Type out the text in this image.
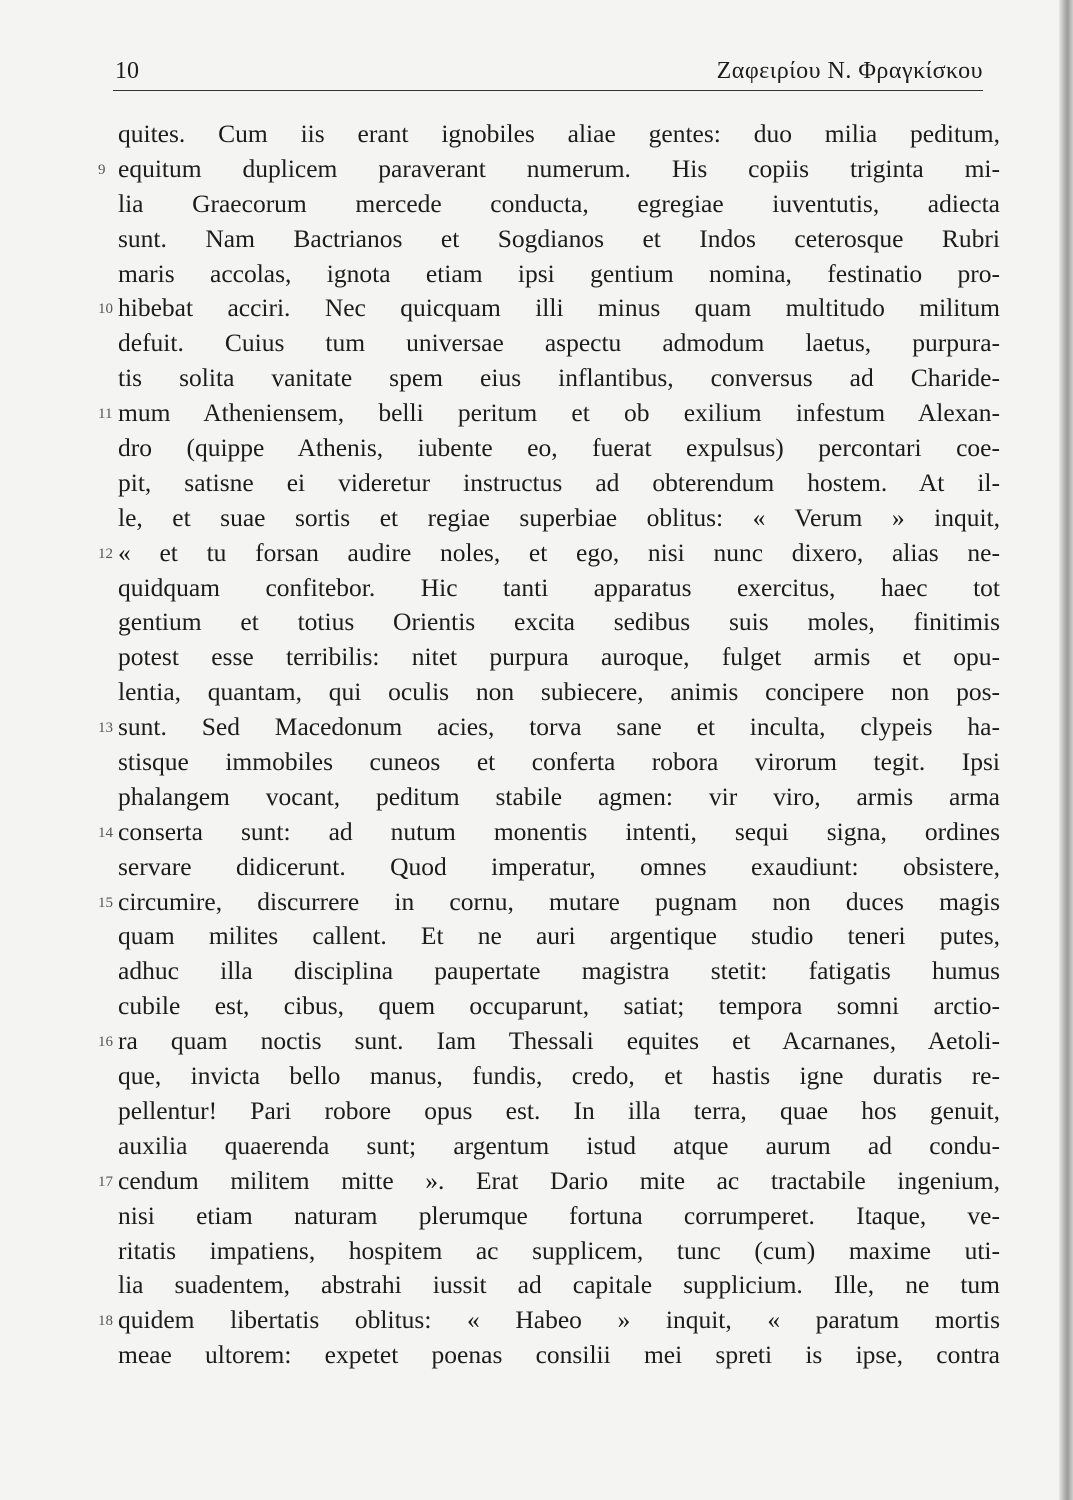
10	Ζαφειρίου Ν. Φραγκίσκου
quites. Cum iis erant ignobiles aliae gentes: duo milia peditum,
9 equitum duplicem paraverant numerum. His copiis triginta mi-
lia Graecorum mercede conducta, egregiae iuventutis, adiecta
sunt. Nam Bactrianos et Sogdianos et Indos ceterosque Rubri
maris accolas, ignota etiam ipsi gentium nomina, festinatio pro-
10 hibebat acciri. Nec quicquam illi minus quam multitudo militum
defuit. Cuius tum universae aspectu admodum laetus, purpura-
tis solita vanitate spem eius inflantibus, conversus ad Charide-
11 mum Atheniensem, belli peritum et ob exilium infestum Alexan-
dro (quippe Athenis, iubente eo, fuerat expulsus) percontari coe-
pit, satisne ei videretur instructus ad obterendum hostem. At il-
le, et suae sortis et regiae superbiae oblitus: « Verum » inquit,
12 « et tu forsan audire noles, et ego, nisi nunc dixero, alias ne-
quidquam confitebor. Hic tanti apparatus exercitus, haec tot
gentium et totius Orientis excita sedibus suis moles, finitimis
potest esse terribilis: nitet purpura auroque, fulget armis et opu-
lentia, quantam, qui oculis non subiecere, animis concipere non pos-
13 sunt. Sed Macedonum acies, torva sane et inculta, clypeis ha-
stisque immobiles cuneos et conferta robora virorum tegit. Ipsi
phalangem vocant, peditum stabile agmen: vir viro, armis arma
14 conserta sunt: ad nutum monentis intenti, sequi signa, ordines
servare didicerunt. Quod imperatur, omnes exaudiunt: obsistere,
15 circumire, discurrere in cornu, mutare pugnam non duces magis
quam milites callent. Et ne auri argentique studio teneri putes,
adhuc illa disciplina paupertate magistra stetit: fatigatis humus
cubile est, cibus, quem occuparunt, satiat; tempora somni arctio-
16 ra quam noctis sunt. Iam Thessali equites et Acarnanes, Aetoli-
que, invicta bello manus, fundis, credo, et hastis igne duratis re-
pellentur! Pari robore opus est. In illa terra, quae hos genuit,
auxilia quaerenda sunt; argentum istud atque aurum ad condu-
17 cendum militem mitte ». Erat Dario mite ac tractabile ingenium,
nisi etiam naturam plerumque fortuna corrumperet. Itaque, ve-
ritatis impatiens, hospitem ac supplicem, tunc (cum) maxime uti-
lia suadentem, abstrahi iussit ad capitale supplicium. Ille, ne tum
18 quidem libertatis oblitus: « Habeo » inquit, « paratum mortis
meae ultorem: expetet poenas consilii mei spreti is ipse, contra
